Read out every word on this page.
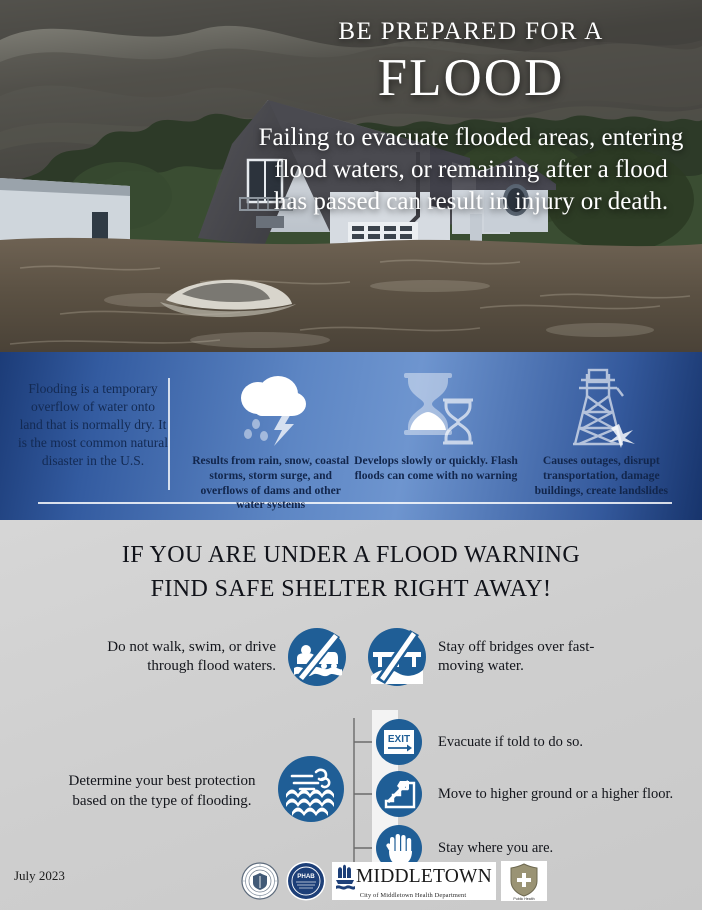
BE PREPARED FOR A
FLOOD
Failing to evacuate flooded areas, entering flood waters, or remaining after a flood has passed can result in injury or death.
Flooding is a temporary overflow of water onto land that is normally dry. It is the most common natural disaster in the U.S.	Results from rain, snow, coastal storms, storm surge, and overflows of dams and other water systems
Develops slowly or quickly. Flash floods can come with no warning
Causes outages, disrupt transportation, damage buildings, create landslides
IF YOU ARE UNDER A FLOOD WARNING
FIND SAFE SHELTER RIGHT AWAY!
Do not walk, swim, or drive through flood waters.
Stay off bridges over fast-moving water.
Determine your best protection based on the type of flooding.
EXIT Evacuate if told to do so.
Move to higher ground or a higher floor.
Stay where you are.
July 2023	PHAB MIDDLETOWN
City of Middletown Health Department
Public Health
